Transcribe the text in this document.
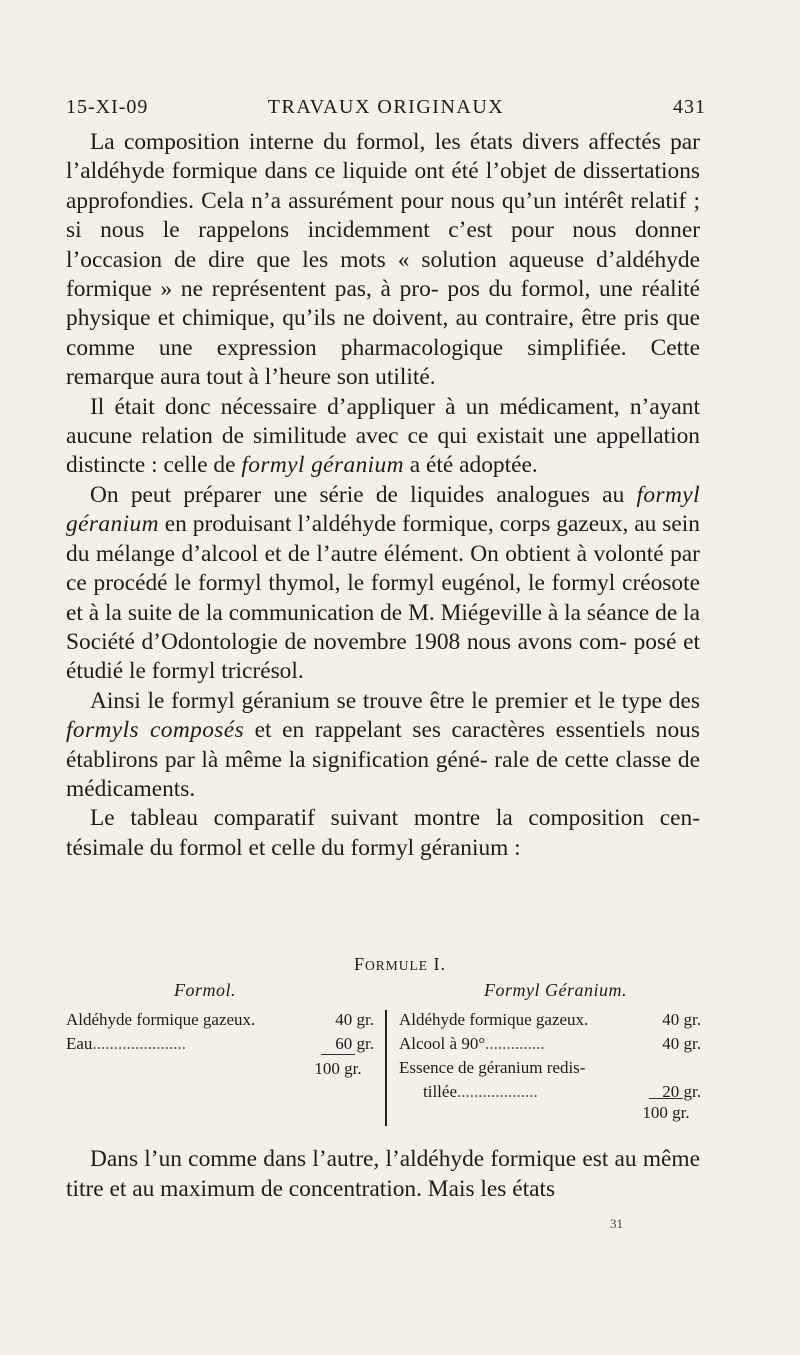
15-XI-09	TRAVAUX ORIGINAUX	431

La composition interne du formol, les états divers affectés par l’aldéhyde formique dans ce liquide ont été l’objet de dissertations approfondies. Cela n’a assurément pour nous qu’un intérêt relatif ; si nous le rappelons incidemment c’est pour nous donner l’occasion de dire que les mots « solution aqueuse d’aldéhyde formique » ne représentent pas, à pro- pos du formol, une réalité physique et chimique, qu’ils ne doivent, au contraire, être pris que comme une expression pharmacologique simplifiée. Cette remarque aura tout à l’heure son utilité.

Il était donc nécessaire d’appliquer à un médicament, n’ayant aucune relation de similitude avec ce qui existait une appellation distincte : celle de formyl géranium a été adoptée.

On peut préparer une série de liquides analogues au formyl géranium en produisant l’aldéhyde formique, corps gazeux, au sein du mélange d’alcool et de l’autre élément. On obtient à volonté par ce procédé le formyl thymol, le formyl eugénol, le formyl créosote et à la suite de la communication de M. Miégeville à la séance de la Société d’Odontologie de novembre 1908 nous avons com- posé et étudié le formyl tricrésol.

Ainsi le formyl géranium se trouve être le premier et le type des formyls composés et en rappelant ses caractères essentiels nous établirons par là même la signification géné- rale de cette classe de médicaments.

Le tableau comparatif suivant montre la composition cen- tésimale du formol et celle du formyl géranium :

FORMULE I.
Formol.	Formyl Géranium.
Aldéhyde formique gazeux.	40 gr.
Eau......................	60 gr.
100 gr.
Aldéhyde formique gazeux.	40 gr.
Alcool à 90°..............	40 gr.
Essence de géranium redis-
tillée...................	20 gr.
100 gr.

Dans l’un comme dans l’autre, l’aldéhyde formique est au même titre et au maximum de concentration. Mais les états

31
